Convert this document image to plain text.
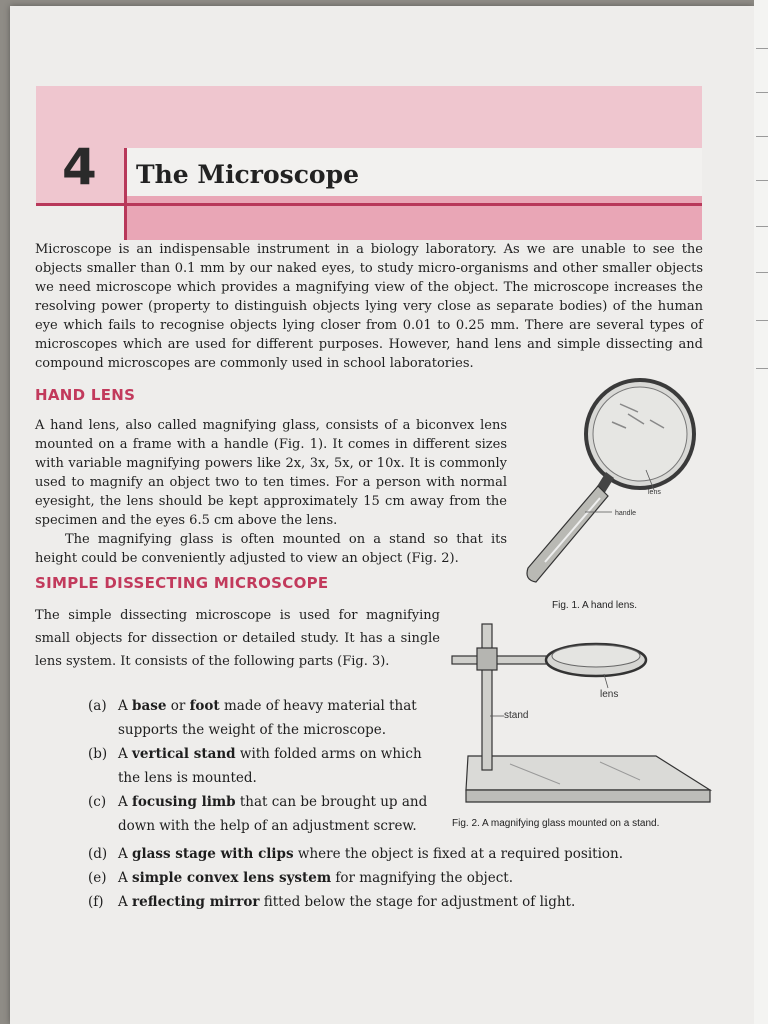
4 The Microscope
Microscope is an indispensable instrument in a biology laboratory. As we are unable to see the objects smaller than 0.1 mm by our naked eyes, to study micro-organisms and other smaller objects we need microscope which provides a magnifying view of the object. The microscope increases the resolving power (property to distinguish objects lying very close as separate bodies) of the human eye which fails to recognise objects lying closer from 0.01 to 0.25 mm. There are several types of microscopes which are used for different purposes. However, hand lens and simple dissecting and compound microscopes are commonly used in school laboratories.
HAND LENS

A hand lens, also called magnifying glass, consists of a biconvex lens mounted on a frame with a handle (Fig. 1). It comes in different sizes with variable magnifying powers like 2x, 3x, 5x, or 10x. It is commonly used to magnify an object two to ten times. For a person with normal eyesight, the lens should be kept approximately 15 cm away from the specimen and the eyes 6.5 cm above the lens.

The magnifying glass is often mounted on a stand so that its height could be conveniently adjusted to view an object (Fig. 2).

SIMPLE DISSECTING MICROSCOPE

The simple dissecting microscope is used for magnifying small objects for dissection or detailed study. It has a single lens system. It consists of the following parts (Fig. 3).

(a) A base or foot made of heavy material that supports the weight of the microscope.
(b) A vertical stand with folded arms on which the lens is mounted.
(c) A focusing limb that can be brought up and down with the help of an adjustment screw.
(d) A glass stage with clips where the object is fixed at a required position.
(e) A simple convex lens system for magnifying the object.
(f) A reflecting mirror fitted below the stage for adjustment of light.
lens
handle
Fig. 1. A hand lens.
stand
lens
Fig. 2. A magnifying glass mounted on a stand.
